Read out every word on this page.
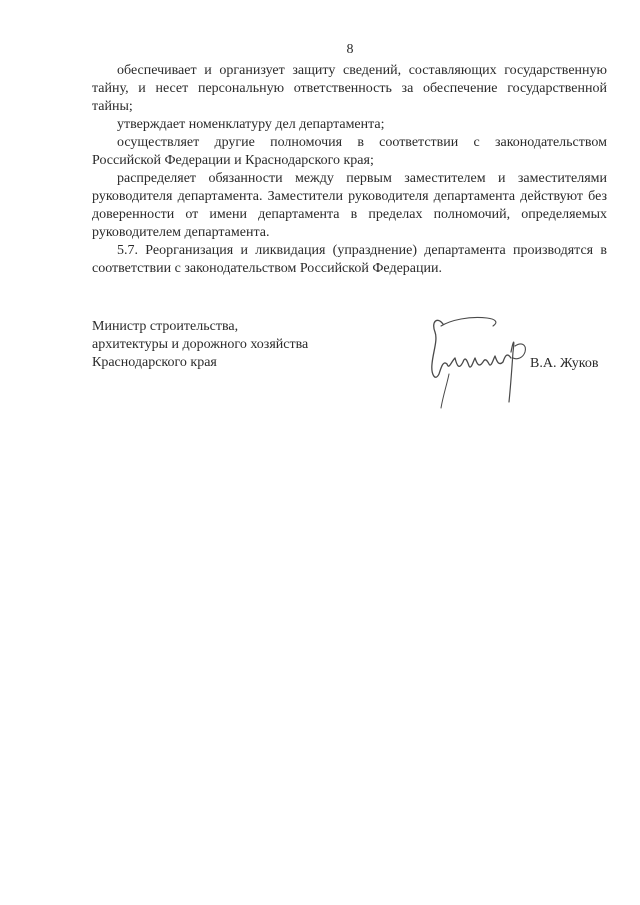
8

обеспечивает и организует защиту сведений, составляющих государственную тайну, и несет персональную ответственность за обеспечение государственной тайны;

утверждает номенклатуру дел департамента;

осуществляет другие полномочия в соответствии с законодательством Российской Федерации и Краснодарского края;

распределяет обязанности между первым заместителем и заместителями руководителя департамента. Заместители руководителя департамента действуют без доверенности от имени департамента в пределах полномочий, определяемых руководителем департамента.

5.7. Реорганизация и ликвидация (упразднение) департамента производятся в соответствии с законодательством Российской Федерации.

Министр строительства,
архитектуры и дорожного хозяйства
Краснодарского края	В.А. Жуков
